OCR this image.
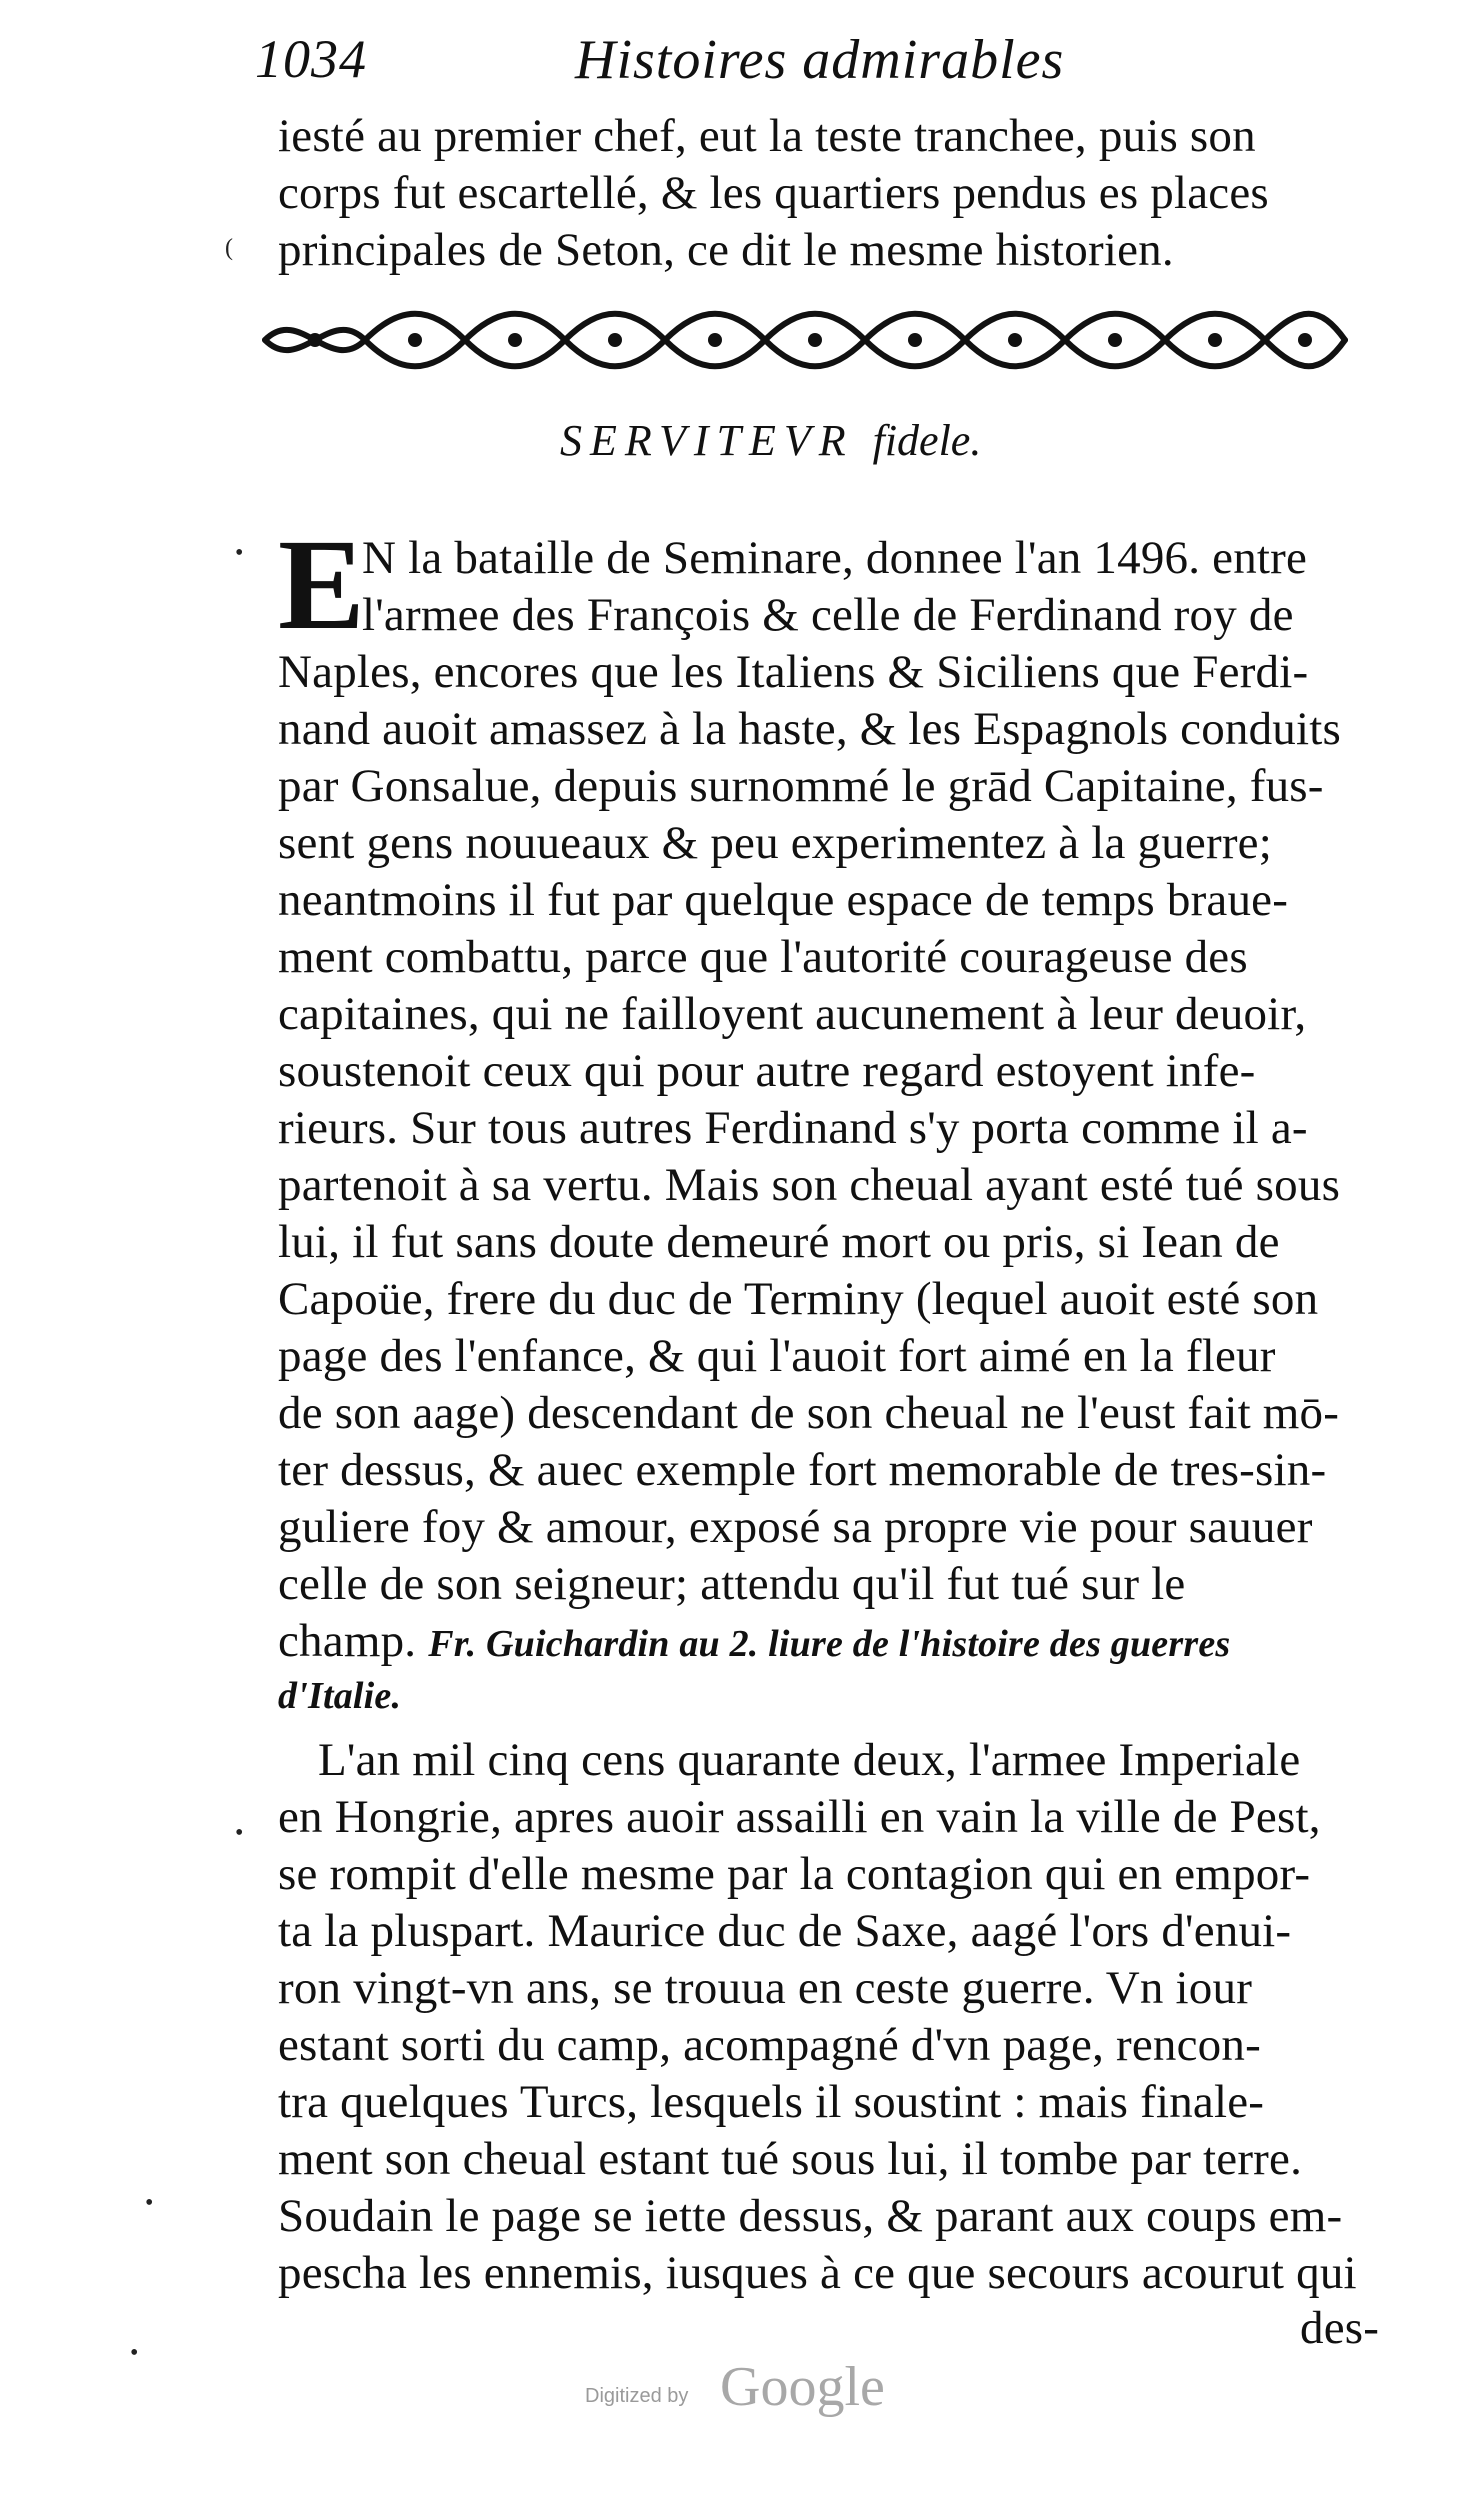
1034	Histoires admirables
iesté au premier chef, eut la teste tranchee, puis son
corps fut escartellé, & les quartiers pendus es places
principales de Seton, ce dit le mesme historien.
SERVITEVR fidele.
E
N la bataille de Seminare, donnee l'an 1496. entre
l'armee des François & celle de Ferdinand roy de
Naples, encores que les Italiens & Siciliens que Ferdi-
nand auoit amassez à la haste, & les Espagnols conduits
par Gonsalue, depuis surnommé le grād Capitaine, fus-
sent gens nouueaux & peu experimentez à la guerre;
neantmoins il fut par quelque espace de temps braue-
ment combattu, parce que l'autorité courageuse des
capitaines, qui ne failloyent aucunement à leur deuoir,
soustenoit ceux qui pour autre regard estoyent infe-
rieurs. Sur tous autres Ferdinand s'y porta comme il a-
partenoit à sa vertu. Mais son cheual ayant esté tué sous
lui, il fut sans doute demeuré mort ou pris, si Iean de
Capoüe, frere du duc de Terminy (lequel auoit esté son
page des l'enfance, & qui l'auoit fort aimé en la fleur
de son aage) descendant de son cheual ne l'eust fait mō-
ter dessus, & auec exemple fort memorable de tres-sin-
guliere foy & amour, exposé sa propre vie pour sauuer
celle de son seigneur; attendu qu'il fut tué sur le
champ. Fr. Guichardin au 2. liure de l'histoire des guerres
d'Italie.
L'an mil cinq cens quarante deux, l'armee Imperiale
en Hongrie, apres auoir assailli en vain la ville de Pest,
se rompit d'elle mesme par la contagion qui en empor-
ta la pluspart. Maurice duc de Saxe, aagé l'ors d'enui-
ron vingt-vn ans, se trouua en ceste guerre. Vn iour
estant sorti du camp, acompagné d'vn page, rencon-
tra quelques Turcs, lesquels il soustint : mais finale-
ment son cheual estant tué sous lui, il tombe par terre.
Soudain le page se iette dessus, & parant aux coups em-
pescha les ennemis, iusques à ce que secours acourut qui
des-
(
•
•
•
•
Digitized by Google
